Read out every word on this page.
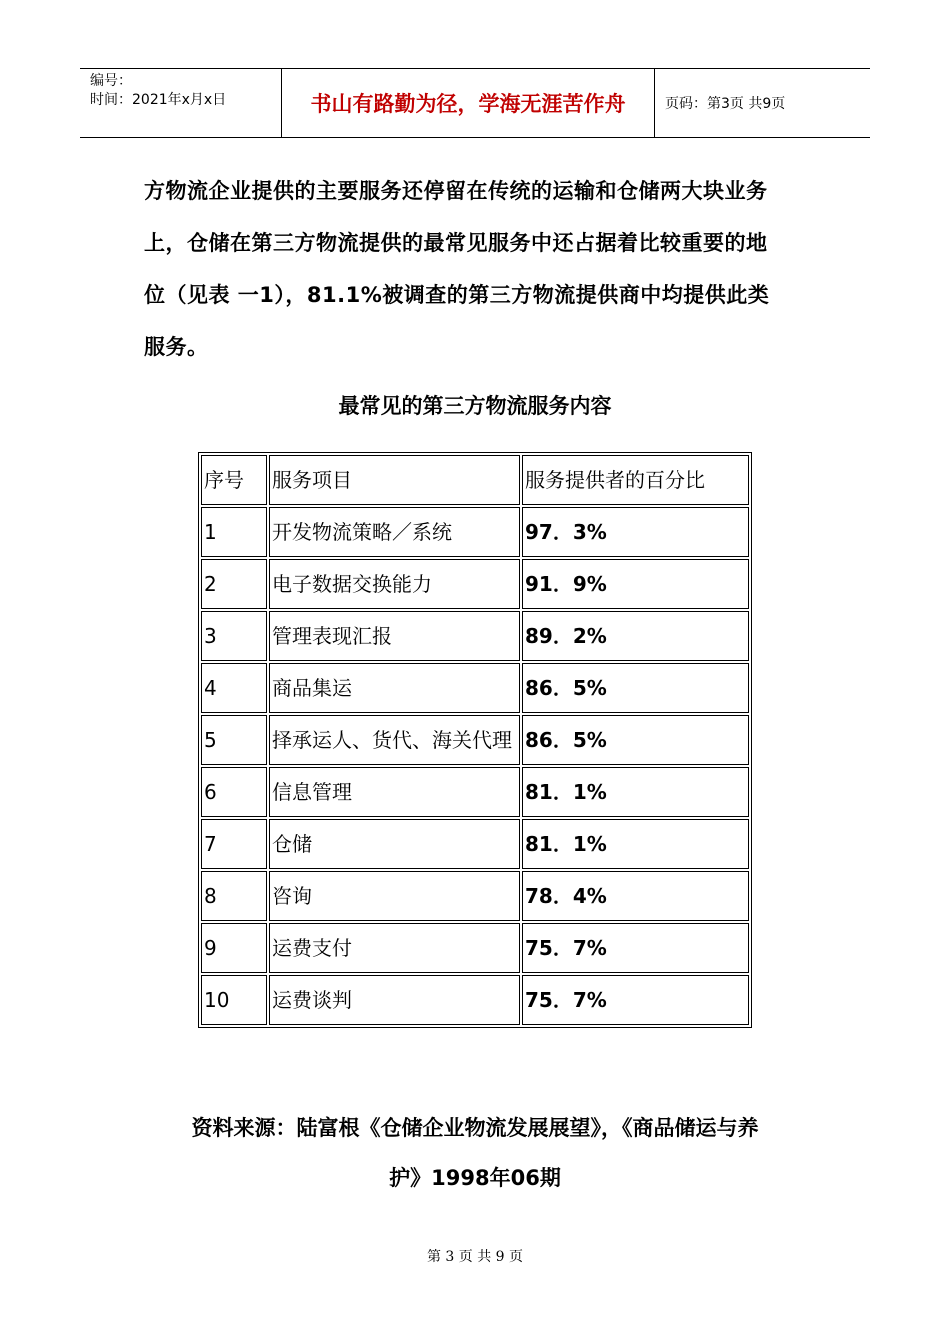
编号：
时间：2021年x月x日	书山有路勤为径，学海无涯苦作舟	页码：第3页 共9页

方物流企业提供的主要服务还停留在传统的运输和仓储两大块业务

上，仓储在第三方物流提供的最常见服务中还占据着比较重要的地

位（见表 一1），81.1%被调查的第三方物流提供商中均提供此类

服务。

最常见的第三方物流服务内容
序号	服务项目	服务提供者的百分比
1	开发物流策略／系统	97．3%
2	电子数据交换能力	91．9%
3	管理表现汇报	89．2%
4	商品集运	86．5%
5	择承运人、货代、海关代理	86．5%
6	信息管理	81．1%
7	仓储	81．1%
8	咨询	78．4%
9	运费支付	75．7%
10	运费谈判	75．7%

资料来源：陆富根《仓储企业物流发展展望》，《商品储运与养

护》1998年06期

第 3 页 共 9 页
